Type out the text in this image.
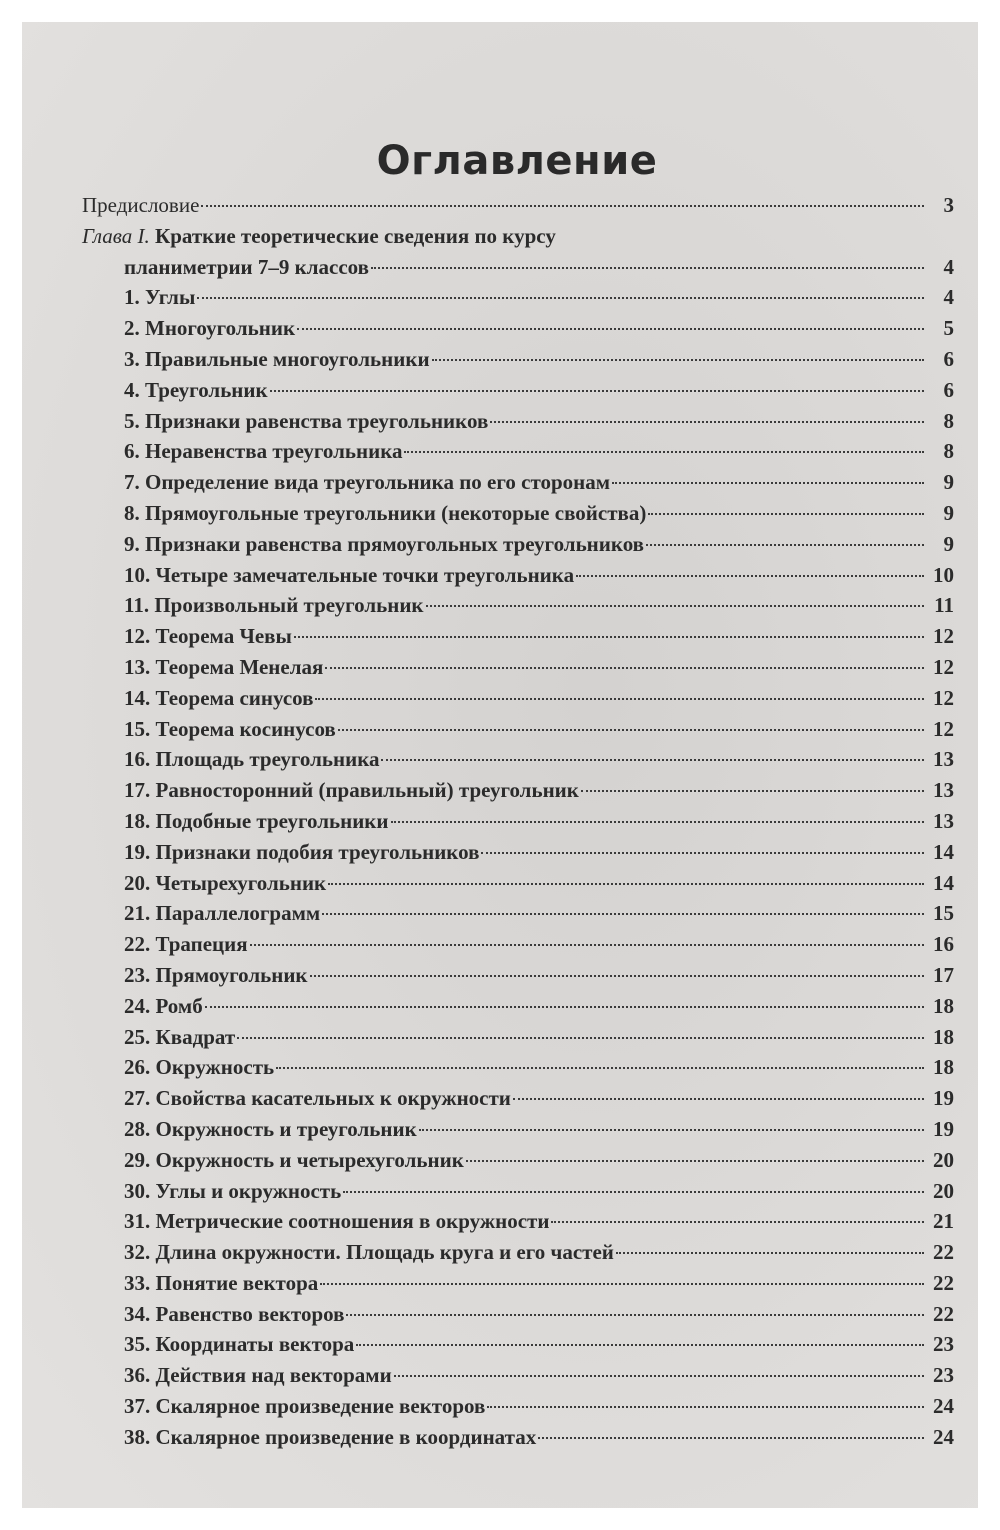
Оглавление
Предисловие	3
Глава I. Краткие теоретические сведения по курсу
планиметрии 7–9 классов	4
1. Углы	4
2. Многоугольник	5
3. Правильные многоугольники	6
4. Треугольник	6
5. Признаки равенства треугольников	8
6. Неравенства треугольника	8
7. Определение вида треугольника по его сторонам	9
8. Прямоугольные треугольники (некоторые свойства)	9
9. Признаки равенства прямоугольных треугольников	9
10. Четыре замечательные точки треугольника	10
11. Произвольный треугольник	11
12. Теорема Чевы	12
13. Теорема Менелая	12
14. Теорема синусов	12
15. Теорема косинусов	12
16. Площадь треугольника	13
17. Равносторонний (правильный) треугольник	13
18. Подобные треугольники	13
19. Признаки подобия треугольников	14
20. Четырехугольник	14
21. Параллелограмм	15
22. Трапеция	16
23. Прямоугольник	17
24. Ромб	18
25. Квадрат	18
26. Окружность	18
27. Свойства касательных к окружности	19
28. Окружность и треугольник	19
29. Окружность и четырехугольник	20
30. Углы и окружность	20
31. Метрические соотношения в окружности	21
32. Длина окружности. Площадь круга и его частей	22
33. Понятие вектора	22
34. Равенство векторов	22
35. Координаты вектора	23
36. Действия над векторами	23
37. Скалярное произведение векторов	24
38. Скалярное произведение в координатах	24
